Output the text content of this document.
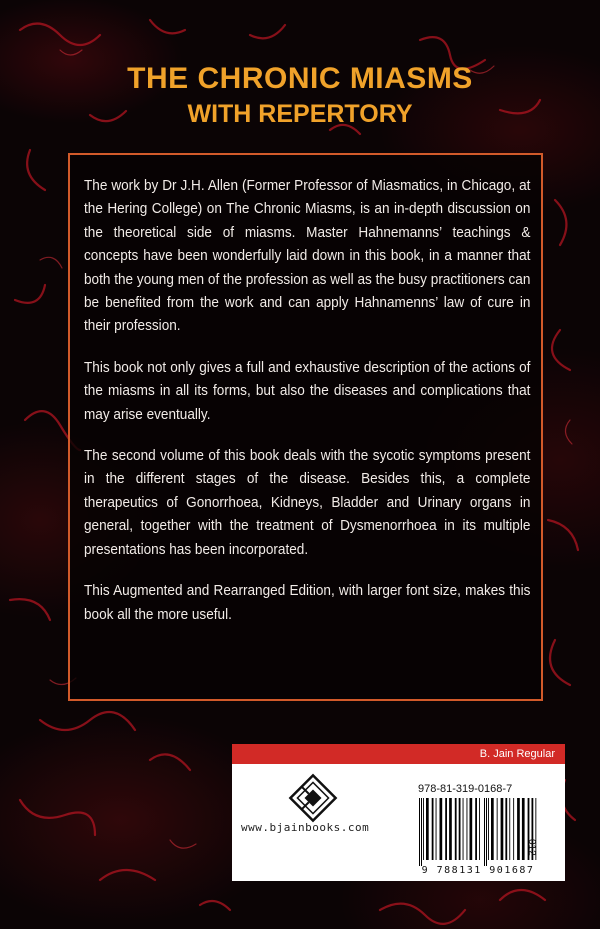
THE CHRONIC MIASMS
WITH REPERTORY

The work by Dr J.H. Allen (Former Professor of Miasmatics, in Chicago, at the Hering College) on The Chronic Miasms, is an in-depth discussion on the theoretical side of miasms. Master Hahnemanns’ teachings & concepts have been wonderfully laid down in this book, in a manner that both the young men of the profession as well as the busy practitioners can be benefited from the work and can apply Hahnamenns’ law of cure in their profession.

This book not only gives a full and exhaustive description of the actions of the miasms in all its forms, but also the diseases and complications that may arise eventually.

The second volume of this book deals with the sycotic symptoms present in the different stages of the disease. Besides this, a complete therapeutics of Gonorrhoea, Kidneys, Bladder and Urinary organs in general, together with the treatment of Dysmenorrhoea in its multiple presentations has been incorporated.

This Augmented and Rearranged Edition, with larger font size, makes this book all the more useful.

B. Jain Regular
www.bjainbooks.com
978-81-319-0168-7
9 788131 901687
012
